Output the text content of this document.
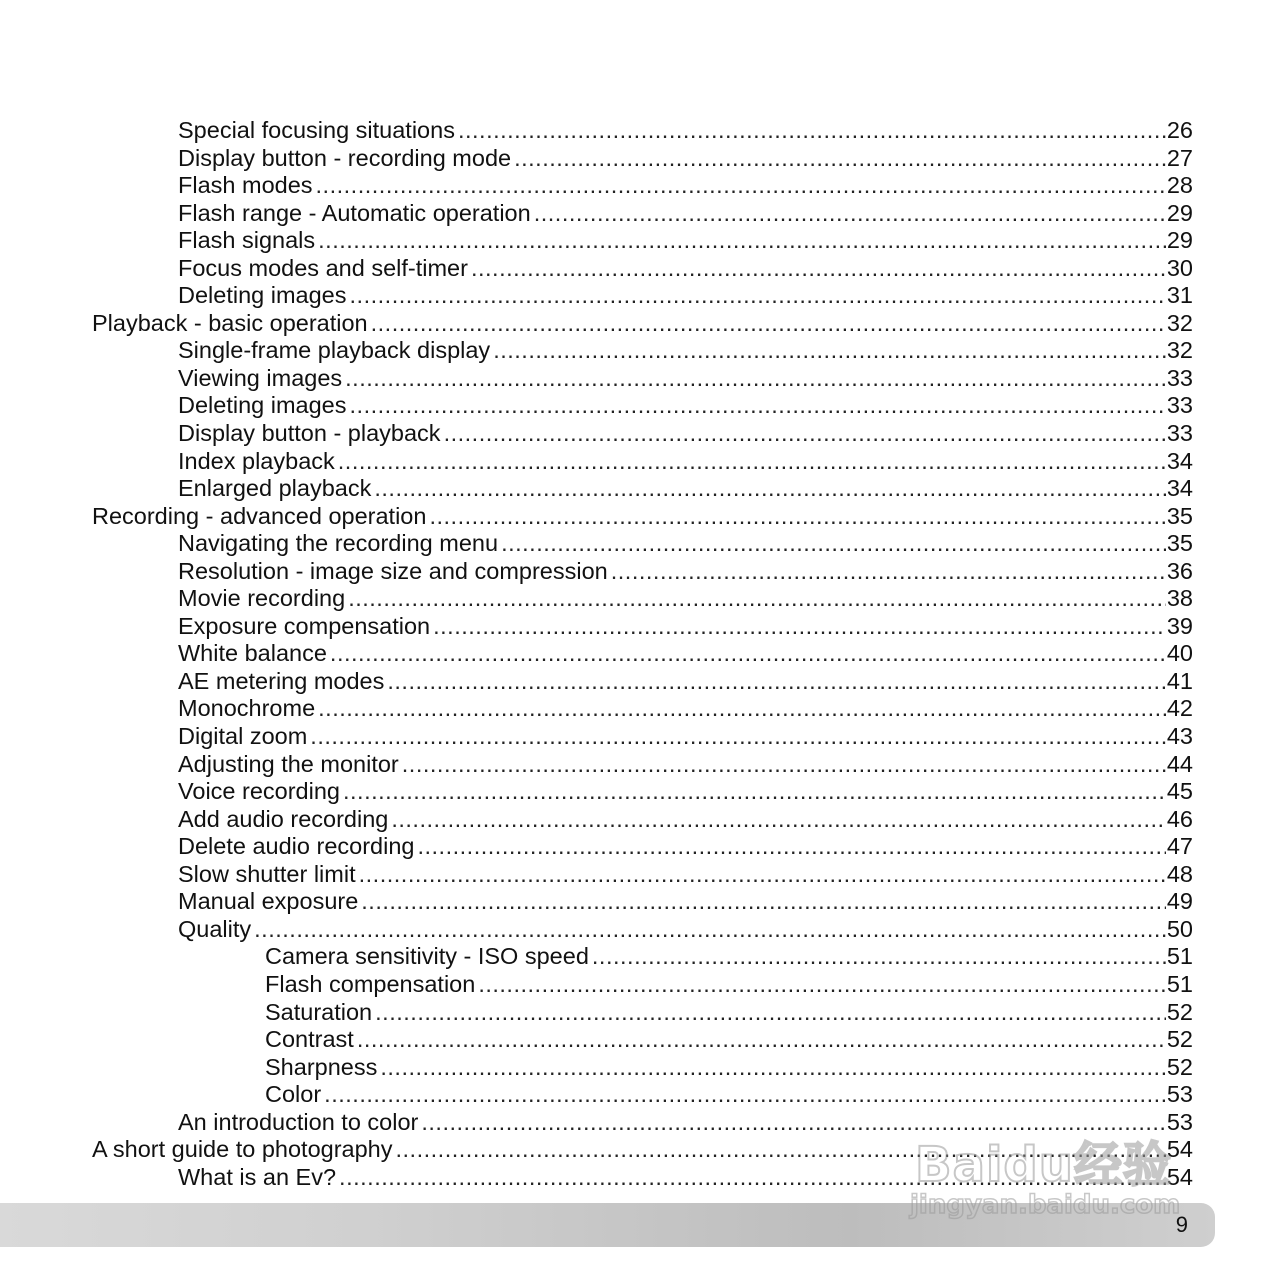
Special focusing situations .....	26
Display button - recording mode .....	27
Flash modes .....	28
Flash range - Automatic operation .....	29
Flash signals .....	29
Focus modes and self-timer .....	30
Deleting images .....	31
Playback - basic operation .....	32
Single-frame playback display .....	32
Viewing images .....	33
Deleting images .....	33
Display button - playback .....	33
Index playback .....	34
Enlarged playback .....	34
Recording - advanced operation .....	35
Navigating the recording menu .....	35
Resolution - image size and compression .....	36
Movie recording .....	38
Exposure compensation .....	39
White balance .....	40
AE metering modes .....	41
Monochrome .....	42
Digital zoom .....	43
Adjusting the monitor .....	44
Voice recording .....	45
Add audio recording .....	46
Delete audio recording .....	47
Slow shutter limit .....	48
Manual exposure .....	49
Quality .....	50
Camera sensitivity - ISO speed .....	51
Flash compensation .....	51
Saturation .....	52
Contrast .....	52
Sharpness .....	52
Color .....	53
An introduction to color .....	53
A short guide to photography .....	54
What is an Ev? .....	54
9
Baidu经验
